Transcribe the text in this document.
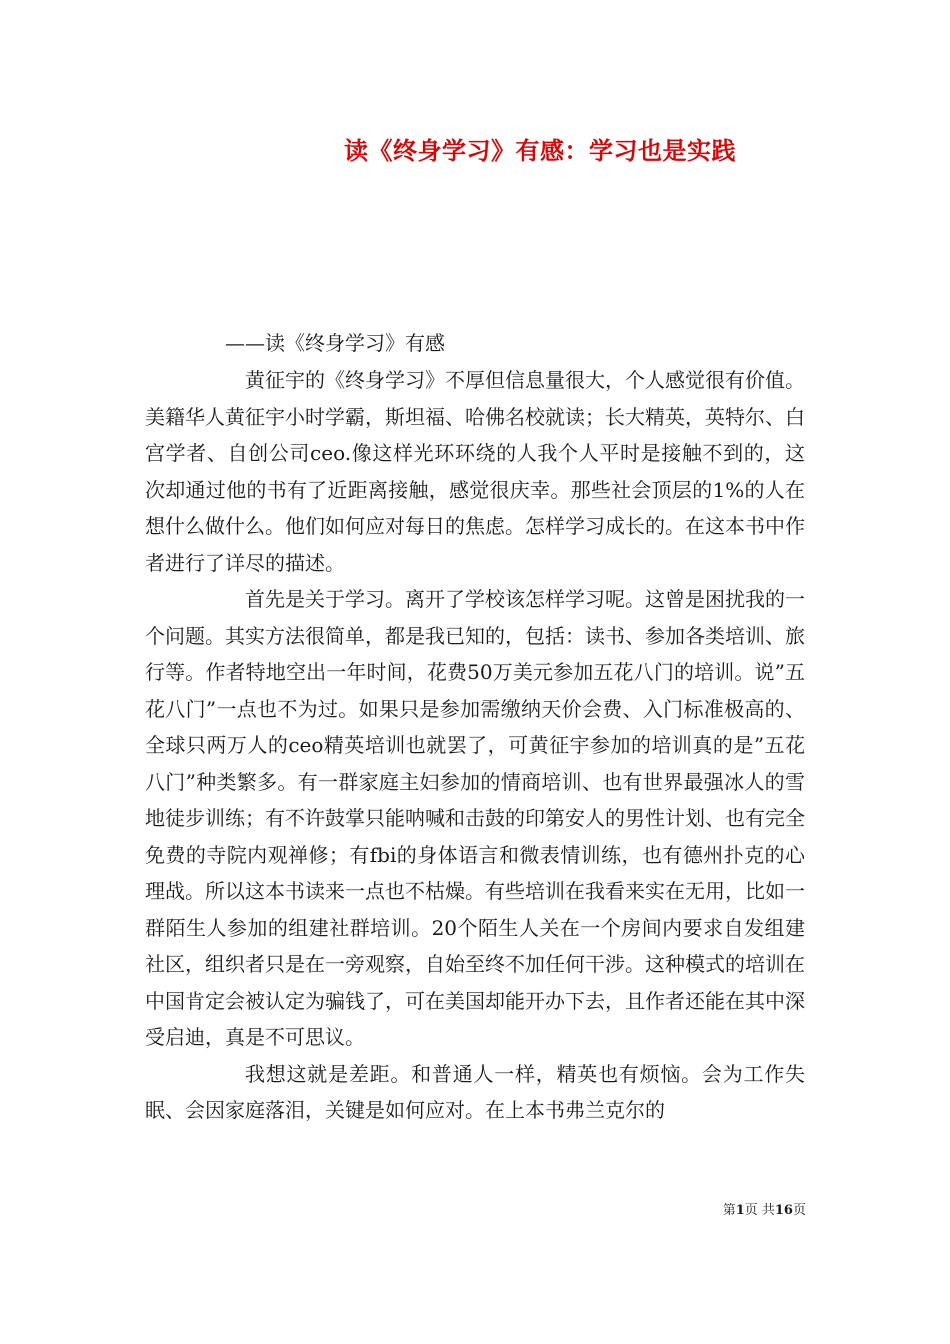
读《终身学习》有感：学习也是实践
——读《终身学习》有感

黄征宇的《终身学习》不厚但信息量很大，个人感觉很有价值。美籍华人黄征宇小时学霸，斯坦福、哈佛名校就读；长大精英，英特尔、白宫学者、自创公司ceo.像这样光环环绕的人我个人平时是接触不到的，这次却通过他的书有了近距离接触，感觉很庆幸。那些社会顶层的1%的人在想什么做什么。他们如何应对每日的焦虑。怎样学习成长的。在这本书中作者进行了详尽的描述。

首先是关于学习。离开了学校该怎样学习呢。这曾是困扰我的一个问题。其实方法很简单，都是我已知的，包括：读书、参加各类培训、旅行等。作者特地空出一年时间，花费50万美元参加五花八门的培训。说”五花八门”一点也不为过。如果只是参加需缴纳天价会费、入门标准极高的、全球只两万人的ceo精英培训也就罢了，可黄征宇参加的培训真的是”五花八门”种类繁多。有一群家庭主妇参加的情商培训、也有世界最强冰人的雪地徒步训练；有不许鼓掌只能呐喊和击鼓的印第安人的男性计划、也有完全免费的寺院内观禅修；有fbi的身体语言和微表情训练，也有德州扑克的心理战。所以这本书读来一点也不枯燥。有些培训在我看来实在无用，比如一群陌生人参加的组建社群培训。20个陌生人关在一个房间内要求自发组建社区，组织者只是在一旁观察，自始至终不加任何干涉。这种模式的培训在中国肯定会被认定为骗钱了，可在美国却能开办下去，且作者还能在其中深受启迪，真是不可思议。

我想这就是差距。和普通人一样，精英也有烦恼。会为工作失眠、会因家庭落泪，关键是如何应对。在上本书弗兰克尔的

第1页 共16页
